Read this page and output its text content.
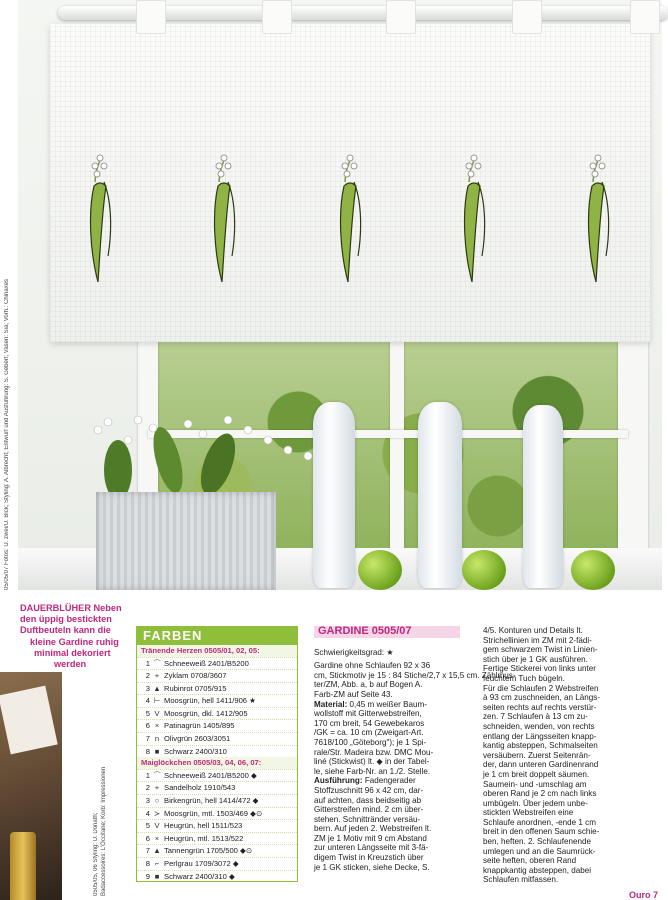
05/05/07 Fotos: U. zwei/U. Bick; Styling: A. Albrecht; Entwurf und Ausführung: S. Gebert; Vasen: Sia; Vorh.: Chinaxes
DAUERBLÜHER Neben
den üppig bestickten
Duftbeuteln kann die
kleine Gardine ruhig
minimal dekoriert
werden
0505/05, 06 Styling: U. Donath; Badaccessoires: L'Occitane; Korb: Impressionen
FARBEN
Tränende Herzen 0505/01, 02, 05:
1 ⌒ Schneeweiß 2401/B5200
2 + Zyklam 0708/3607
3 ▲ Rubinrot 0705/915
4 ⊢ Moosgrün, hell 1411/906 ★
5 V Moosgrün, dkl. 1412/905
6 × Patinagrün 1405/895
7 n Olivgrün 2603/3051
8 ■ Schwarz 2400/310
Maiglöckchen 0505/03, 04, 06, 07:
1 ⌒ Schneeweiß 2401/B5200 ◆
2 + Sandelholz 1910/543
3 ○ Birkengrün, hell 1414/472 ◆
4 ≻ Moosgrün, mtl. 1503/469 ◆⊙
5 V Heugrün, hell 1511/523
6 × Heugrün, mtl. 1513/522
7 ▲ Tannengrün 1705/500 ◆⊙
8 ⌐ Perlgrau 1709/3072 ◆
9 ■ Schwarz 2400/310 ◆
GARDINE 0505/07
Schwierigkeitsgrad: ★
Gardine ohne Schlaufen 92 x 36
cm, Stickmotiv je 15 : 84 Stiche/2,7 x 15,5 cm. Zählmus-
ter/ZM, Abb. a, b auf Bogen A.
Farb-ZM auf Seite 43.
Material: 0,45 m weißer Baum-
wollstoff mit Gitterwebstreifen,
170 cm breit, 54 Gewebekaros
/GK = ca. 10 cm (Zweigart-Art.
7618/100 „Göteborg"); je 1 Spi-
rale/Str. Madeira bzw. DMC Mou-
liné (Stickwist) lt. ◆ in der Tabel-
le, siehe Farb-Nr. an 1./2. Stelle.
Ausführung: Fadengerader
Stoffzuschnitt 96 x 42 cm, dar-
auf achten, dass beidseitig ab
Gitterstreifen mind. 2 cm über-
stehen. Schnittränder versäu-
bern. Auf jeden 2. Webstreifen lt.
ZM je 1 Motiv mit 9 cm Abstand
zur unteren Längsseite mit 3-fä-
digem Twist in Kreuzstich über
je 1 GK sticken, siehe Decke, S.
4/5. Konturen und Details lt.
Strichellinien im ZM mit 2-fädi-
gem schwarzem Twist in Linien-
stich über je 1 GK ausführen.
Fertige Stickerei von links unter
feuchtem Tuch bügeln.
Für die Schlaufen 2 Webstreifen
à 93 cm zuschneiden, an Längs-
seiten rechts auf rechts verstür-
zen. 7 Schlaufen à 13 cm zu-
schneiden, wenden, von rechts
entlang der Längsseiten knapp-
kantig absteppen, Schmalseiten
versäubern. Zuerst Seitenrän-
der, dann unteren Gardinenrand
je 1 cm breit doppelt säumen.
Saumein- und -umschlag am
oberen Rand je 2 cm nach links
umbügeln. Über jedem unbe-
stickten Webstreifen eine
Schlaufe anordnen, -ende 1 cm
breit in den offenen Saum schie-
ben, heften. 2. Schlaufenende
umlegen und an die Saumrück-
seite heften, oberen Rand
knappkantig absteppen, dabei
Schlaufen mitfassen.
Ouro 7
